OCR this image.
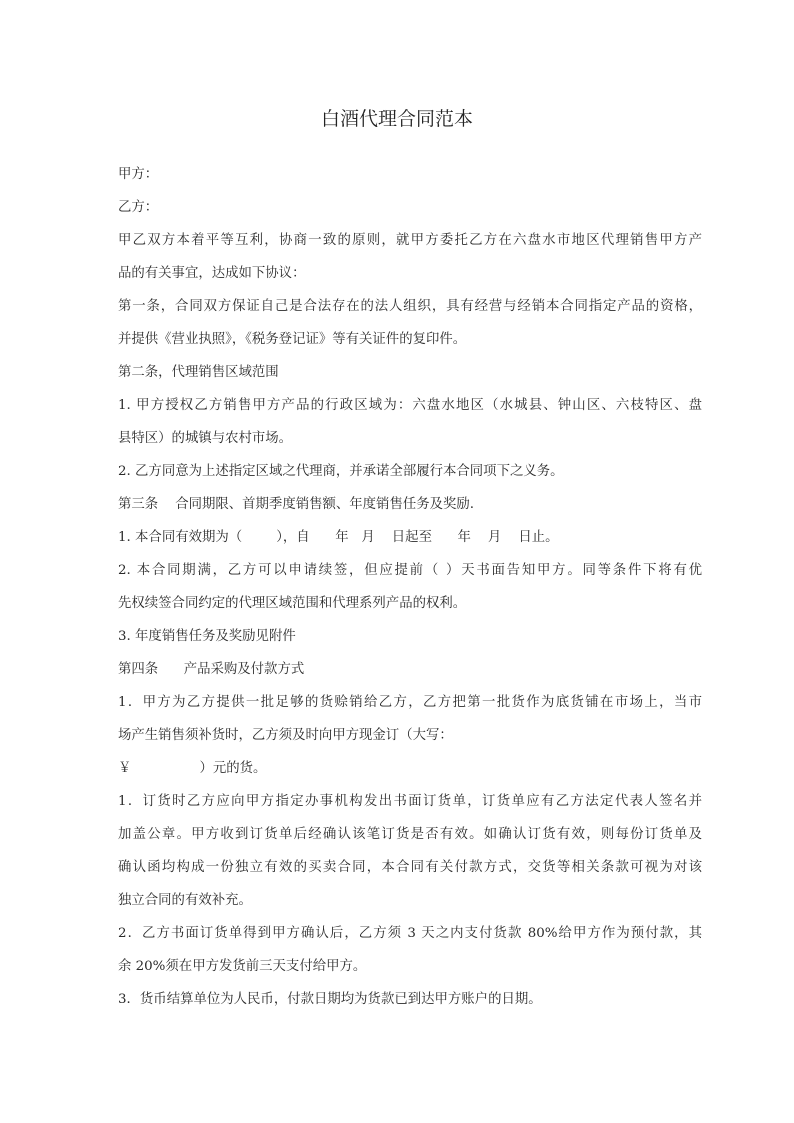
白酒代理合同范本
甲方：
乙方：
甲乙双方本着平等互利，协商一致的原则，就甲方委托乙方在六盘水市地区代理销售甲方产
品的有关事宜，达成如下协议：
第一条，合同双方保证自己是合法存在的法人组织，具有经营与经销本合同指定产品的资格，
并提供《营业执照》，《税务登记证》等有关证件的复印件。
第二条，代理销售区域范围
1. 甲方授权乙方销售甲方产品的行政区域为：六盘水地区（水城县、钟山区、六枝特区、盘
县特区）的城镇与农村市场。
2. 乙方同意为上述指定区域之代理商，并承诺全部履行本合同项下之义务。
第三条    合同期限、首期季度销售额、年度销售任务及奖励.
1. 本合同有效期为（        ），自      年   月    日起至      年    月    日止。
2. 本合同期满，乙方可以申请续签，但应提前（ ）天书面告知甲方。同等条件下将有优
先权续签合同约定的代理区域范围和代理系列产品的权利。
3. 年度销售任务及奖励见附件
第四条      产品采购及付款方式
1．甲方为乙方提供一批足够的货赊销给乙方，乙方把第一批货作为底货铺在市场上，当市
场产生销售须补货时，乙方须及时向甲方现金订（大写：
￥                ）元的货。
1．订货时乙方应向甲方指定办事机构发出书面订货单，订货单应有乙方法定代表人签名并
加盖公章。甲方收到订货单后经确认该笔订货是否有效。如确认订货有效，则每份订货单及
确认函均构成一份独立有效的买卖合同，本合同有关付款方式，交货等相关条款可视为对该
独立合同的有效补充。
2．乙方书面订货单得到甲方确认后，乙方须 3 天之内支付货款 80%给甲方作为预付款，其
余 20%须在甲方发货前三天支付给甲方。
3．货币结算单位为人民币，付款日期均为货款已到达甲方账户的日期。
